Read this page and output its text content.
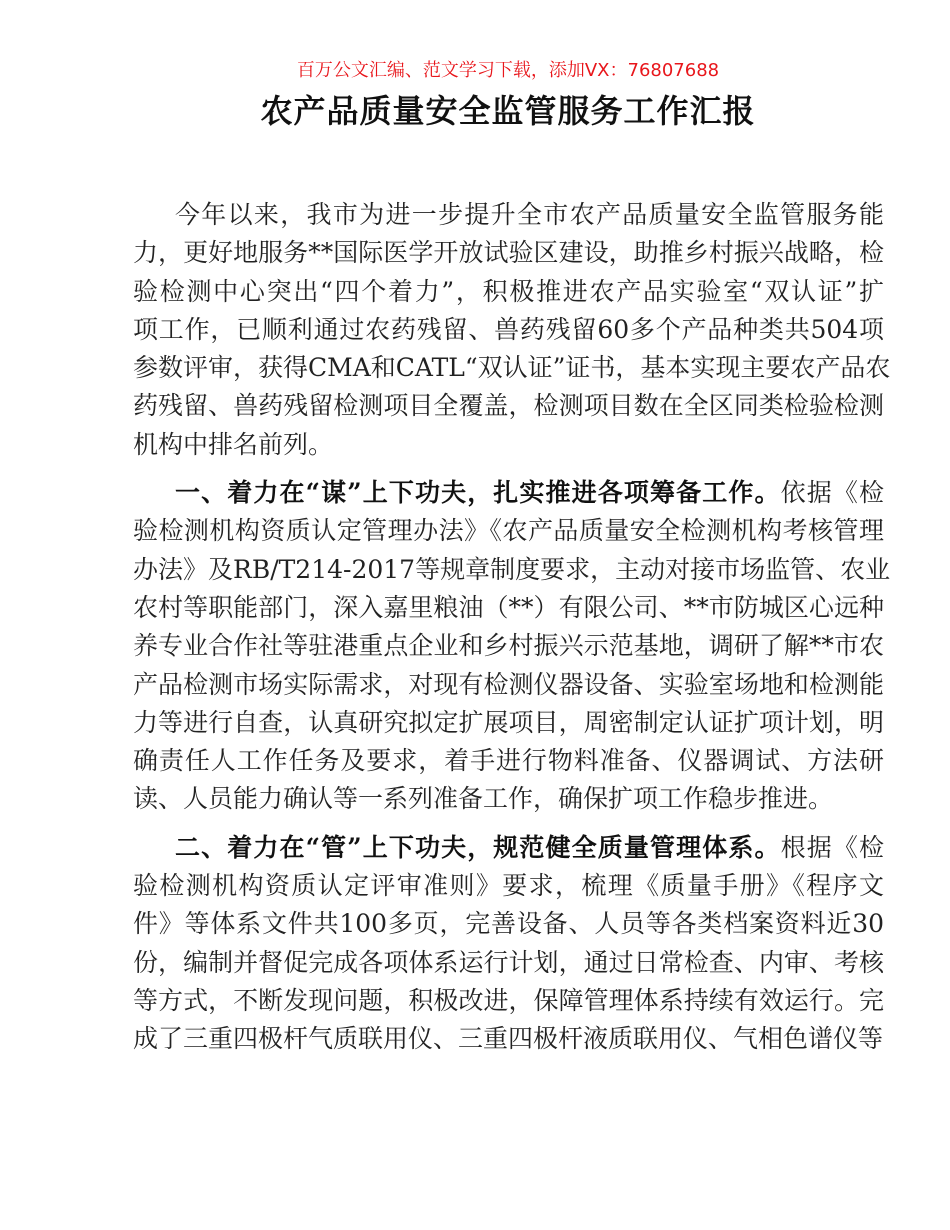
百万公文汇编、范文学习下载，添加VX：76807688
农产品质量安全监管服务工作汇报
今年以来，我市为进一步提升全市农产品质量安全监管服务能
力，更好地服务**国际医学开放试验区建设，助推乡村振兴战略，检
验检测中心突出“四个着力”，积极推进农产品实验室“双认证”扩
项工作，已顺利通过农药残留、兽药残留60多个产品种类共504项
参数评审，获得CMA和CATL“双认证”证书，基本实现主要农产品农
药残留、兽药残留检测项目全覆盖，检测项目数在全区同类检验检测
机构中排名前列。
一、着力在“谋”上下功夫，扎实推进各项筹备工作。依据《检
验检测机构资质认定管理办法》《农产品质量安全检测机构考核管理
办法》及RB/T214-2017等规章制度要求，主动对接市场监管、农业
农村等职能部门，深入嘉里粮油（**）有限公司、**市防城区心远种
养专业合作社等驻港重点企业和乡村振兴示范基地，调研了解**市农
产品检测市场实际需求，对现有检测仪器设备、实验室场地和检测能
力等进行自查，认真研究拟定扩展项目，周密制定认证扩项计划，明
确责任人工作任务及要求，着手进行物料准备、仪器调试、方法研
读、人员能力确认等一系列准备工作，确保扩项工作稳步推进。
二、着力在“管”上下功夫，规范健全质量管理体系。根据《检
验检测机构资质认定评审准则》要求，梳理《质量手册》《程序文
件》等体系文件共100多页，完善设备、人员等各类档案资料近30
份，编制并督促完成各项体系运行计划，通过日常检查、内审、考核
等方式，不断发现问题，积极改进，保障管理体系持续有效运行。完
成了三重四极杆气质联用仪、三重四极杆液质联用仪、气相色谱仪等
